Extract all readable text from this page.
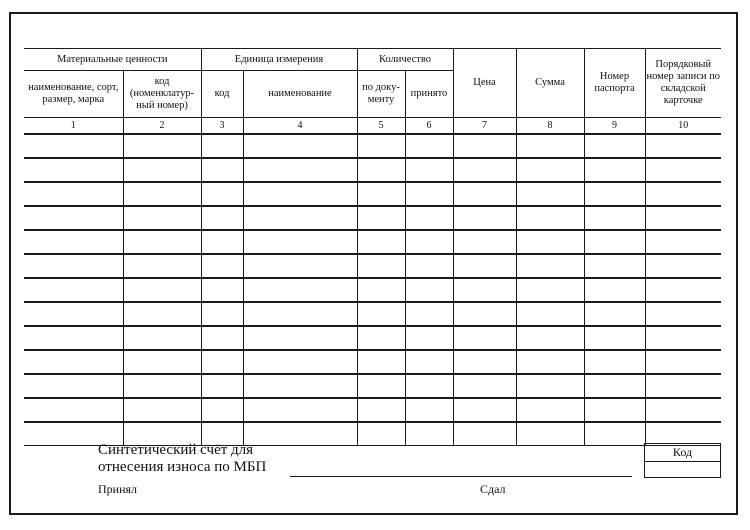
Материальные ценности		Единица измерения		Количество		Цена	Сумма	Номер паспорта	Порядковый номер записи по складской карточке
наименование, сорт, размер, марка	код (номенклатур-ный номер)	код	наименование	по доку-менту	принято				
1	2	3	4	5	6	7	8	9	10

Синтетический счёт для
отнесения износа по МБП
Принял	Сдал
Код
